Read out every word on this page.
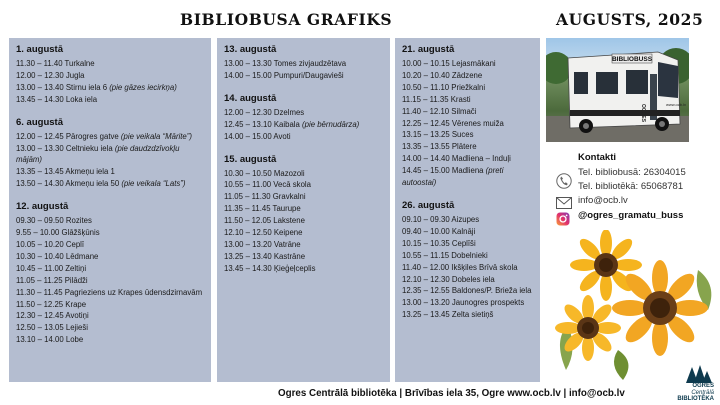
BIBLIOBUSA GRAFIKS	AUGUSTS, 2025
1. augustā
11.30 – 11.40 Turkalne
12.00 – 12.30 Jugla
13.00 – 13.40 Stirnu iela 6 (pie gāzes iecirkņa)
13.45 – 14.30 Loka iela
6. augustā
12.00 – 12.45 Pārogres gatve (pie veikala “Mārite”)
13.00 – 13.30 Celtnieku iela (pie daudzdzīvokļu mājām)
13.35 – 13.45 Akmeņu iela 1
13.50 – 14.30 Akmeņu iela 50 (pie veikala “Lats”)
12. augustā
09.30 – 09.50 Rozites
9.55 – 10.00 Glāžšķūnis
10.05 – 10.20 Ceplī
10.30 – 10.40 Lēdmane
10.45 – 11.00 Zeltiņi
11.05 – 11.25 Pilādži
11.30 – 11.45 Pagrieziens uz Krapes ūdensdzirnavām
11.50 – 12.25 Krape
12.30 – 12.45 Avotiņi
12.50 – 13.05 Lejieši
13.10 – 14.00 Lobe
13. augustā
13.00 – 13.30 Tomes zivjaudzētava
14.00 – 15.00 Pumpuri/Daugavieši
14. augustā
12.00 – 12.30 Dzelmes
12.45 – 13.10 Kaibala (pie bērnudārza)
14.00 – 15.00 Avoti
15. augustā
10.30 – 10.50 Mazozoli
10.55 – 11.00 Vecā skola
11.05 – 11.30 Gravkalni
11.35 – 11.45 Taurupe
11.50 – 12.05 Lakstene
12.10 – 12.50 Keipene
13.00 – 13.20 Vatrāne
13.25 – 13.40 Kastrāne
13.45 – 14.30 Ķieģeļceplis
21. augustā
10.00 – 10.15 Lejasmākani
10.20 – 10.40 Zādzene
10.50 – 11.10 Priežkalni
11.15 – 11.35 Krasti
11.40 – 12.10 Silmači
12.25 – 12.45 Vērenes muiža
13.15 – 13.25 Suces
13.35 – 13.55 Plātere
14.00 – 14.40 Madliena – Induļi
14.45 – 15.00 Madliena (preti autoostai)
26. augustā
09.10 – 09.30 Aizupes
09.40 – 10.00 Kalnāji
10.15 – 10.35 Ceplīši
10.55 – 11.15 Dobelnieki
11.40 – 12.00 Ikšķiles Brīvā skola
12.10 – 12.30 Dobeles iela
12.35 – 12.55 Baldones/P. Brieža iela
13.00 – 13.20 Jaunogres prospekts
13.25 – 13.45 Zelta sietiņš
BIBLIOBUSS
OGRES	www.ocb.lv
Kontakti
Tel. bibliobusā: 26304015
Tel. bibliotēkā: 65068781
info@ocb.lv
@ogres_gramatu_buss
Ogres Centrālā bibliotēka | Brīvības iela 35, Ogre www.ocb.lv | info@ocb.lv
OGRES
Centrālā
BIBLIOTĒKA
